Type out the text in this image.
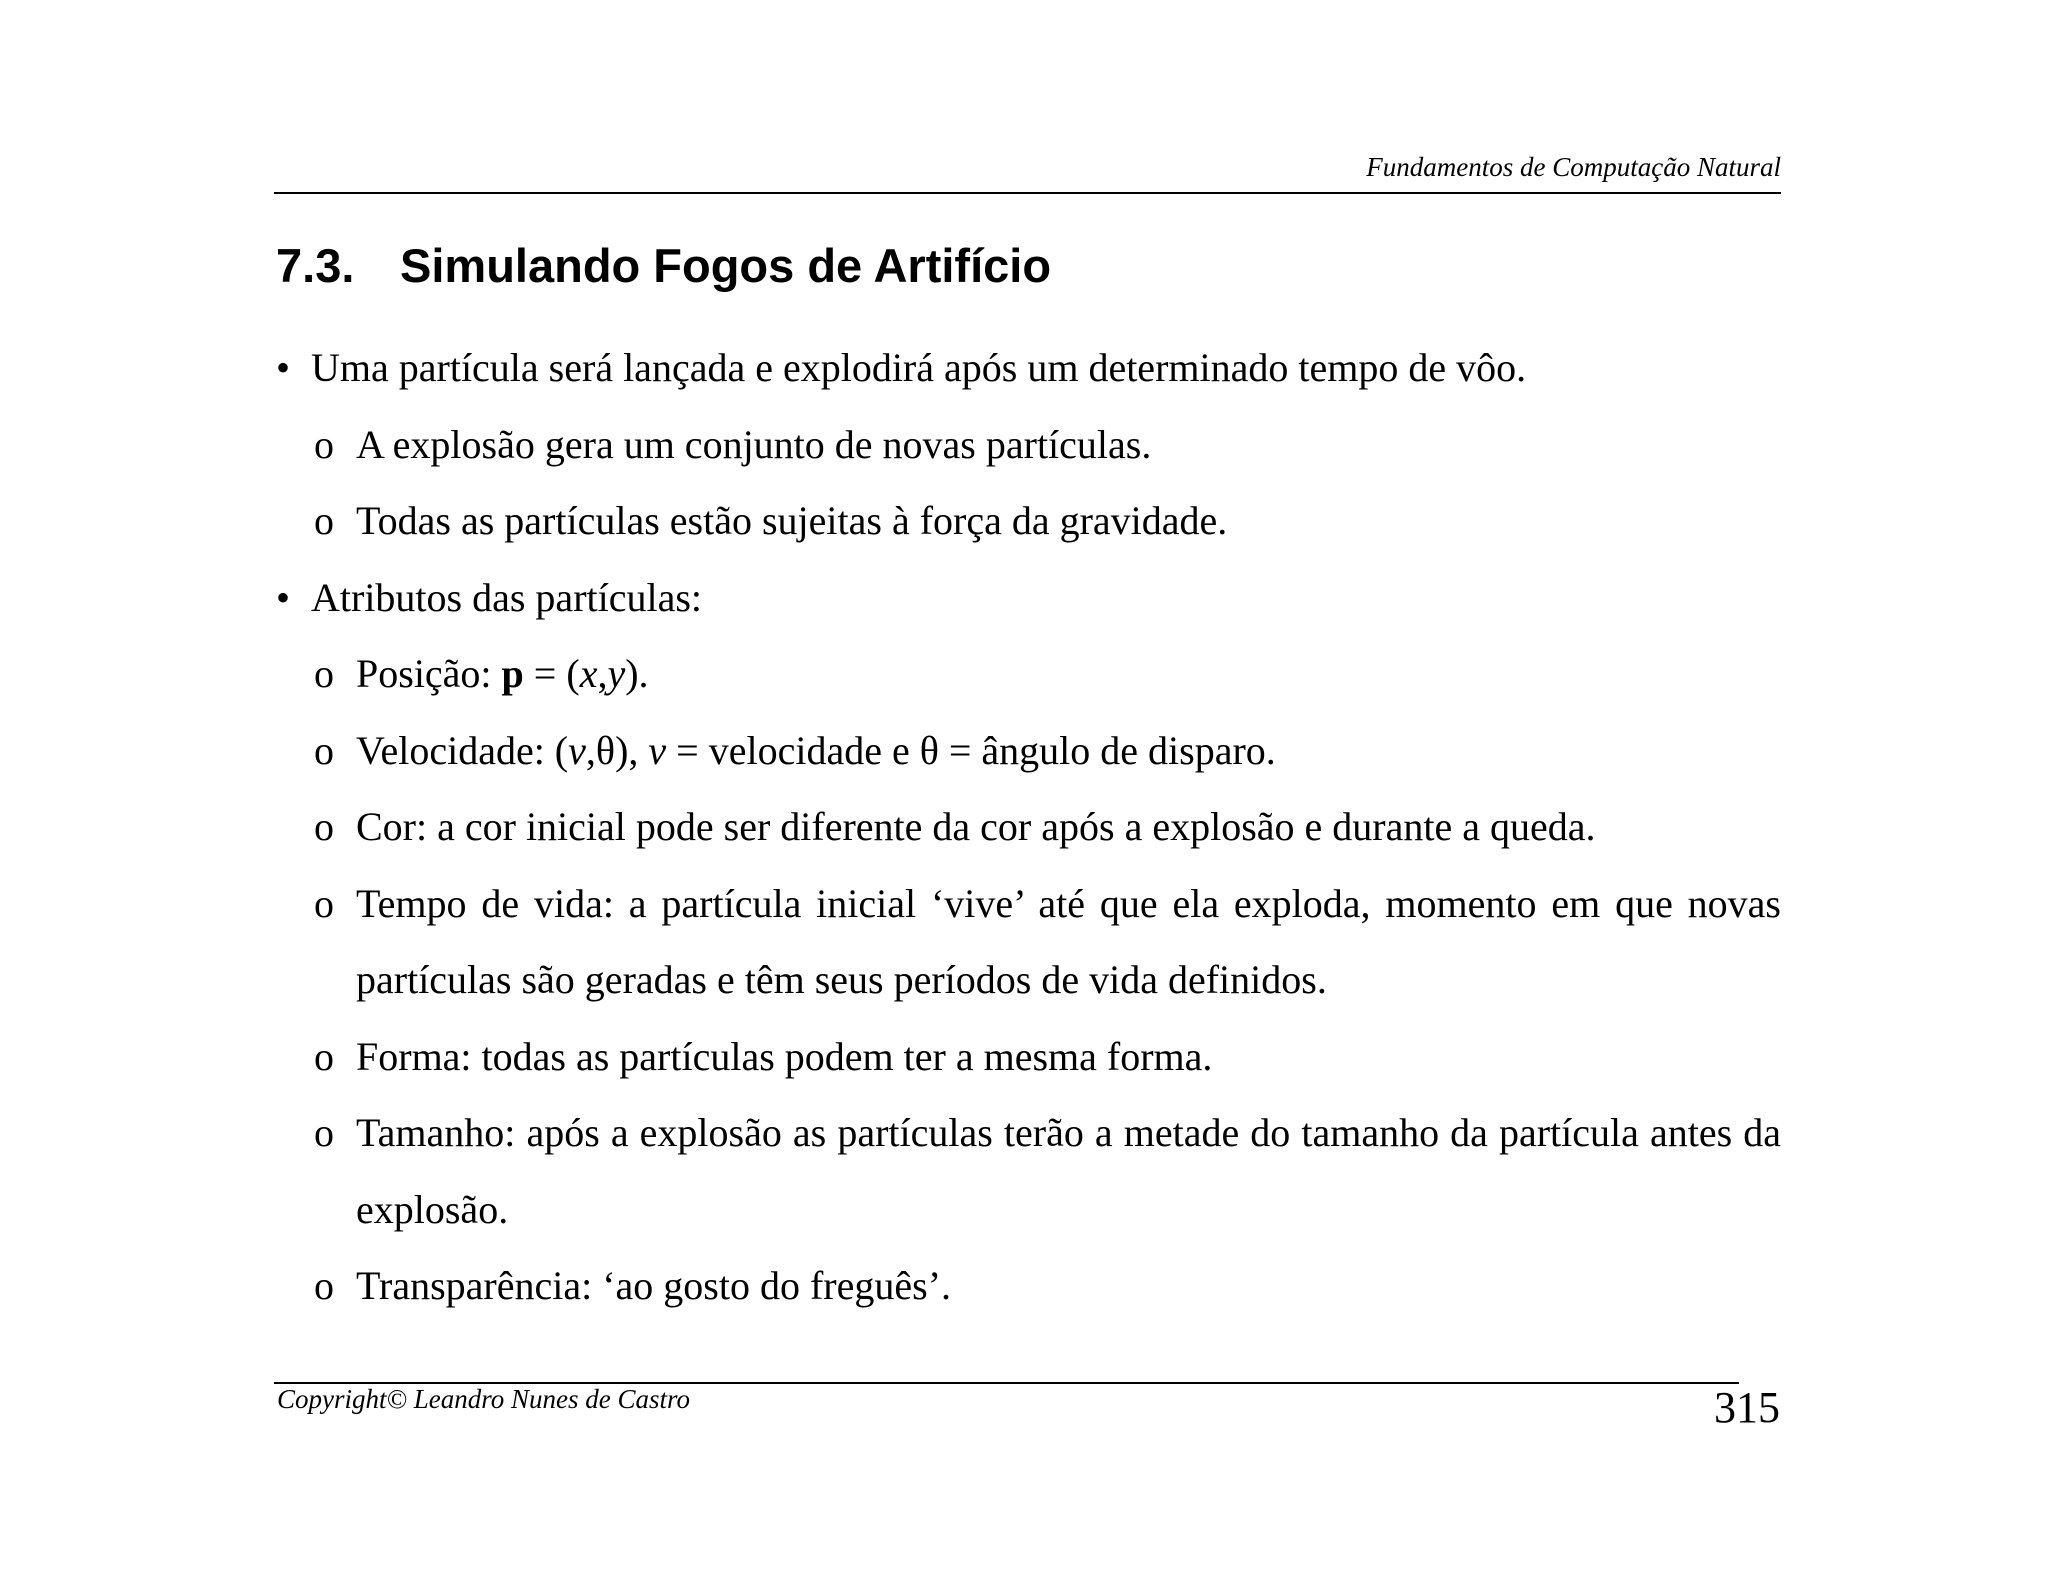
Fundamentos de Computação Natural
7.3. Simulando Fogos de Artifício
• Uma partícula será lançada e explodirá após um determinado tempo de vôo.
o A explosão gera um conjunto de novas partículas.
o Todas as partículas estão sujeitas à força da gravidade.
• Atributos das partículas:
o Posição: p = (x,y).
o Velocidade: (v,θ), v = velocidade e θ = ângulo de disparo.
o Cor: a cor inicial pode ser diferente da cor após a explosão e durante a queda.
o Tempo de vida: a partícula inicial ‘vive’ até que ela exploda, momento em que novas partículas são geradas e têm seus períodos de vida definidos.
o Forma: todas as partículas podem ter a mesma forma.
o Tamanho: após a explosão as partículas terão a metade do tamanho da partícula antes da explosão.
o Transparência: ‘ao gosto do freguês’.
Copyright© Leandro Nunes de Castro	315
